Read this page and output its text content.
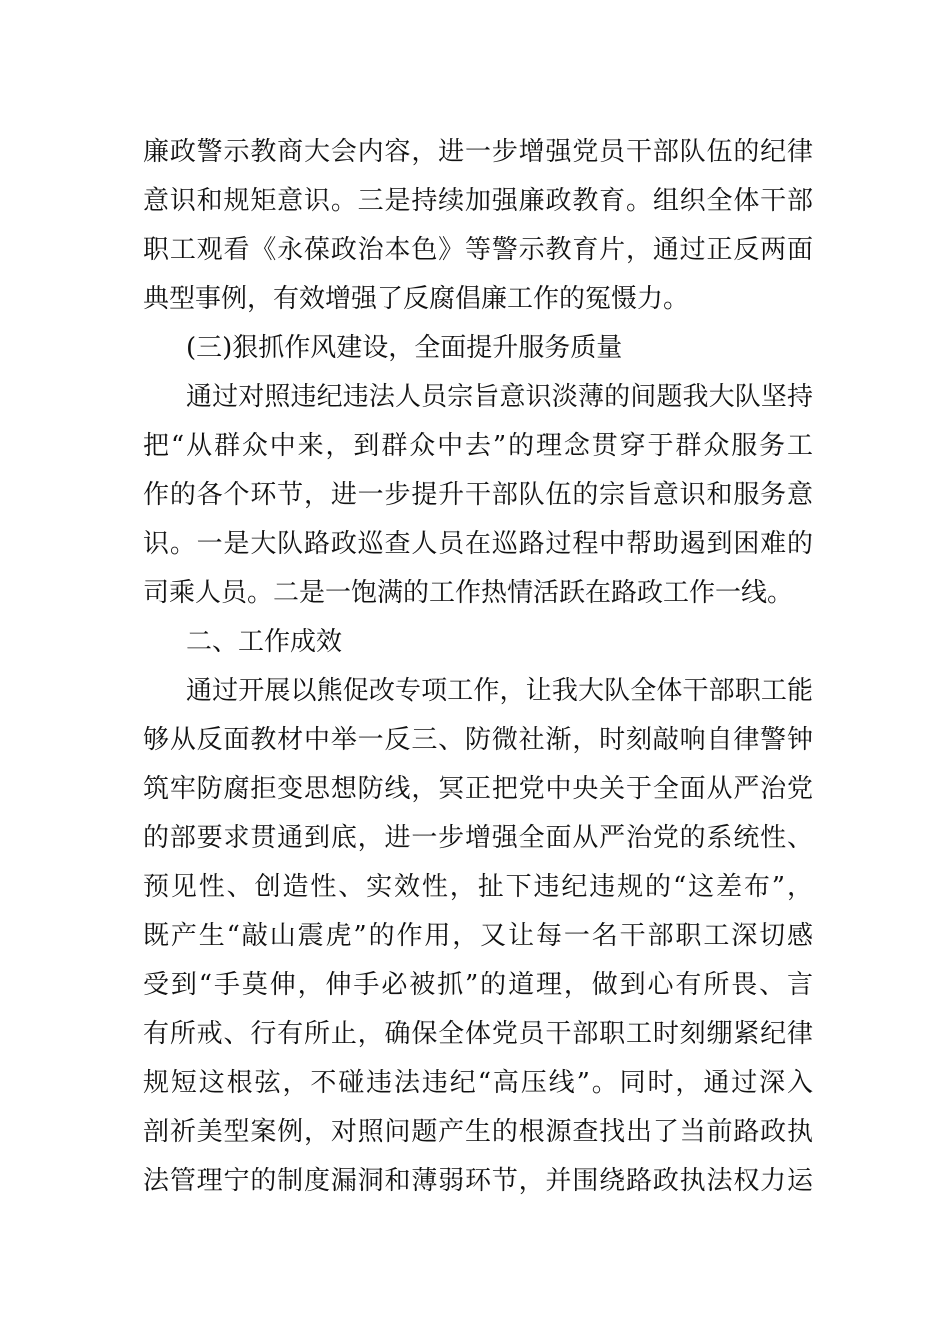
廉政警示教商大会内容，进一步增强党员干部队伍的纪律
意识和规矩意识。三是持续加强廉政教育。组织全体干部
职工观看《永葆政治本色》等警示教育片，通过正反两面
典型事例，有效增强了反腐倡廉工作的冤慑力。
(三)狠抓作风建设，全面提升服务质量
通过对照违纪违法人员宗旨意识淡薄的间题我大队坚持
把“从群众中来，到群众中去”的理念贯穿于群众服务工
作的各个环节，进一步提升干部队伍的宗旨意识和服务意
识。一是大队路政巡查人员在巡路过程中帮助遏到困难的
司乘人员。二是一饱满的工作热情活跃在路政工作一线。
二、工作成效
通过开展以熊促改专项工作，让我大队全体干部职工能
够从反面教材中举一反三、防微社渐，时刻敲响自律警钟
筑牢防腐拒变思想防线，冥正把党中央关于全面从严治党
的部要求贯通到底，进一步增强全面从严治党的系统性、
预见性、创造性、实效性，扯下违纪违规的“这差布”，
既产生“敲山震虎”的作用，又让每一名干部职工深切感
受到“手莫伸，伸手必被抓”的道理，做到心有所畏、言
有所戒、行有所止，确保全体党员干部职工时刻绷紧纪律
规短这根弦，不碰违法违纪“高压线”。同时，通过深入
剖祈美型案例，对照问题产生的根源查找出了当前路政执
法管理宁的制度漏洞和薄弱环节，并围绕路政执法权力运
